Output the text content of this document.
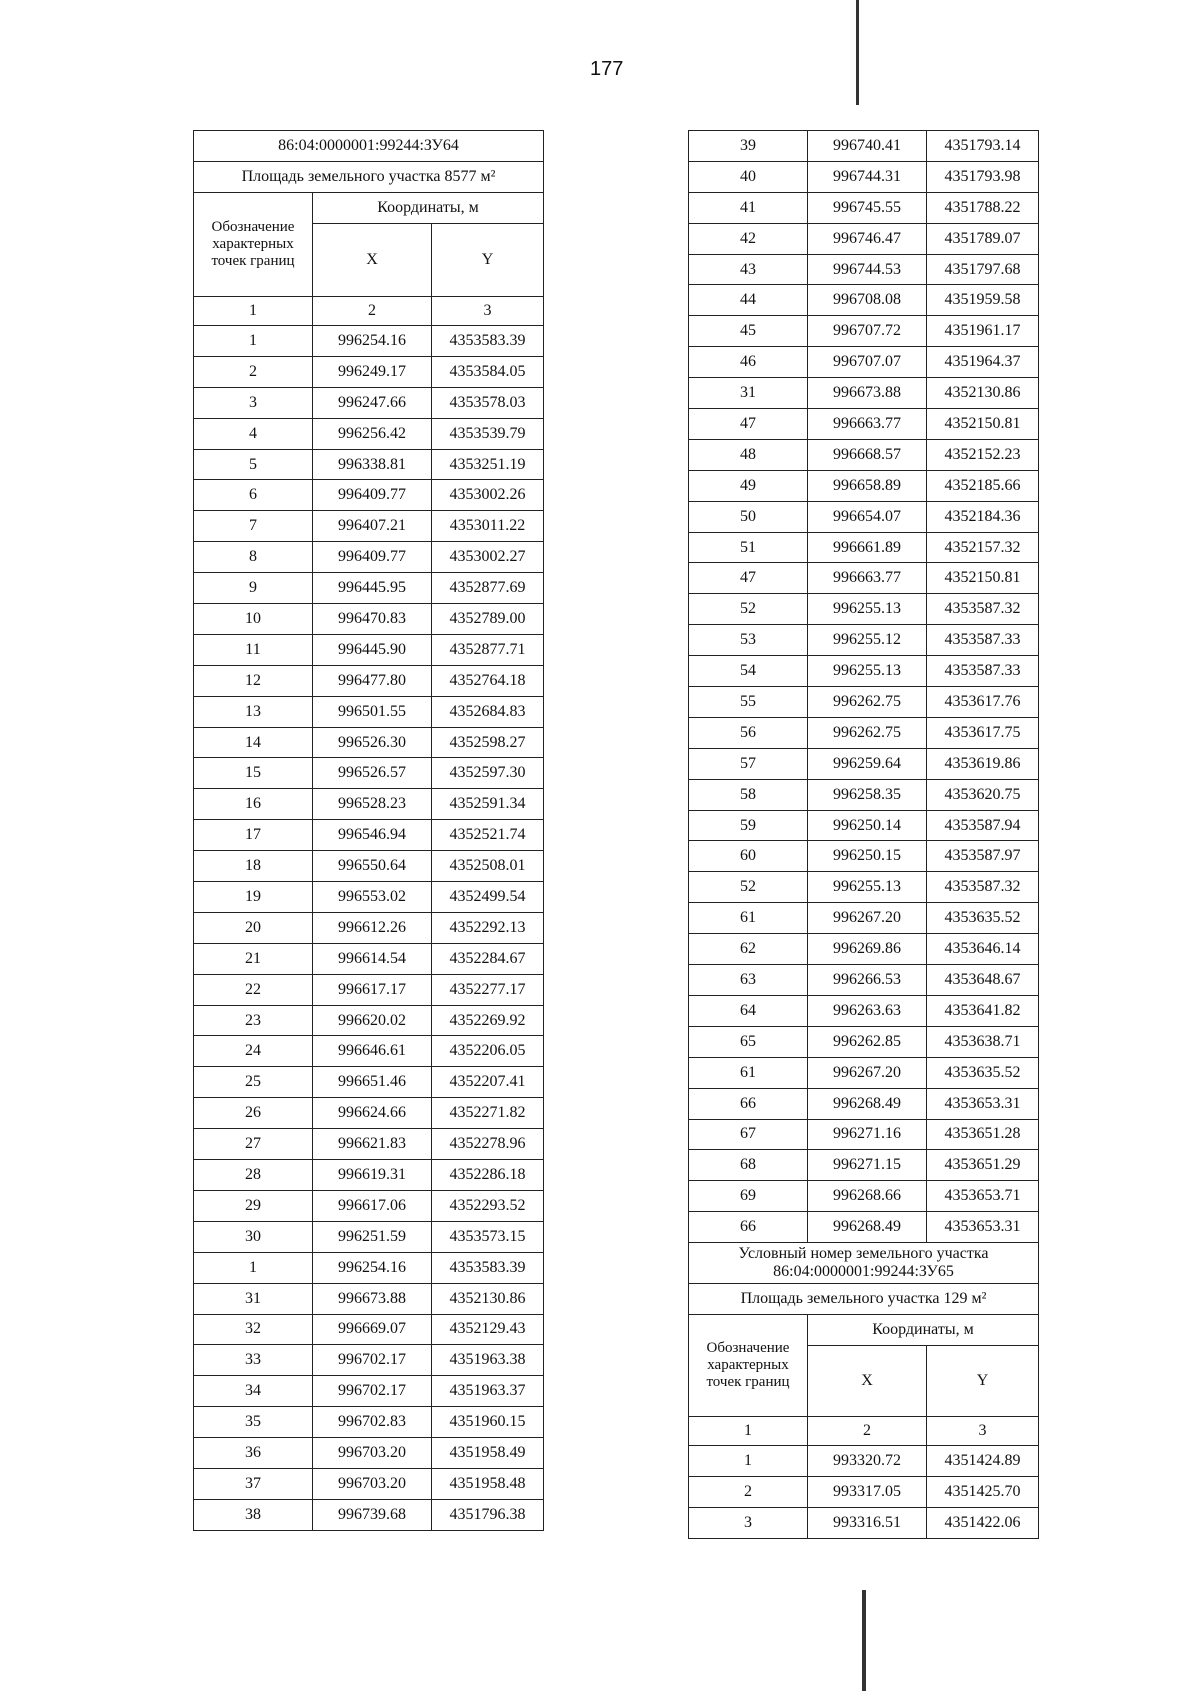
177
86:04:0000001:99244:ЗУ64		
Площадь земельного участка 8577 м²		
Обозначение характерных точек границ	Координаты, м	
	X	Y
1	2	3
1	996254.16	4353583.39
2	996249.17	4353584.05
3	996247.66	4353578.03
4	996256.42	4353539.79
5	996338.81	4353251.19
6	996409.77	4353002.26
7	996407.21	4353011.22
8	996409.77	4353002.27
9	996445.95	4352877.69
10	996470.83	4352789.00
11	996445.90	4352877.71
12	996477.80	4352764.18
13	996501.55	4352684.83
14	996526.30	4352598.27
15	996526.57	4352597.30
16	996528.23	4352591.34
17	996546.94	4352521.74
18	996550.64	4352508.01
19	996553.02	4352499.54
20	996612.26	4352292.13
21	996614.54	4352284.67
22	996617.17	4352277.17
23	996620.02	4352269.92
24	996646.61	4352206.05
25	996651.46	4352207.41
26	996624.66	4352271.82
27	996621.83	4352278.96
28	996619.31	4352286.18
29	996617.06	4352293.52
30	996251.59	4353573.15
1	996254.16	4353583.39
31	996673.88	4352130.86
32	996669.07	4352129.43
33	996702.17	4351963.38
34	996702.17	4351963.37
35	996702.83	4351960.15
36	996703.20	4351958.49
37	996703.20	4351958.48
38	996739.68	4351796.38
39	996740.41	4351793.14
40	996744.31	4351793.98
41	996745.55	4351788.22
42	996746.47	4351789.07
43	996744.53	4351797.68
44	996708.08	4351959.58
45	996707.72	4351961.17
46	996707.07	4351964.37
31	996673.88	4352130.86
47	996663.77	4352150.81
48	996668.57	4352152.23
49	996658.89	4352185.66
50	996654.07	4352184.36
51	996661.89	4352157.32
47	996663.77	4352150.81
52	996255.13	4353587.32
53	996255.12	4353587.33
54	996255.13	4353587.33
55	996262.75	4353617.76
56	996262.75	4353617.75
57	996259.64	4353619.86
58	996258.35	4353620.75
59	996250.14	4353587.94
60	996250.15	4353587.97
52	996255.13	4353587.32
61	996267.20	4353635.52
62	996269.86	4353646.14
63	996266.53	4353648.67
64	996263.63	4353641.82
65	996262.85	4353638.71
61	996267.20	4353635.52
66	996268.49	4353653.31
67	996271.16	4353651.28
68	996271.15	4353651.29
69	996268.66	4353653.71
66	996268.49	4353653.31
Условный номер земельного участка 86:04:0000001:99244:ЗУ65		
Площадь земельного участка 129 м²		
Обозначение характерных точек границ	Координаты, м	
	X	Y
1	2	3
1	993320.72	4351424.89
2	993317.05	4351425.70
3	993316.51	4351422.06
